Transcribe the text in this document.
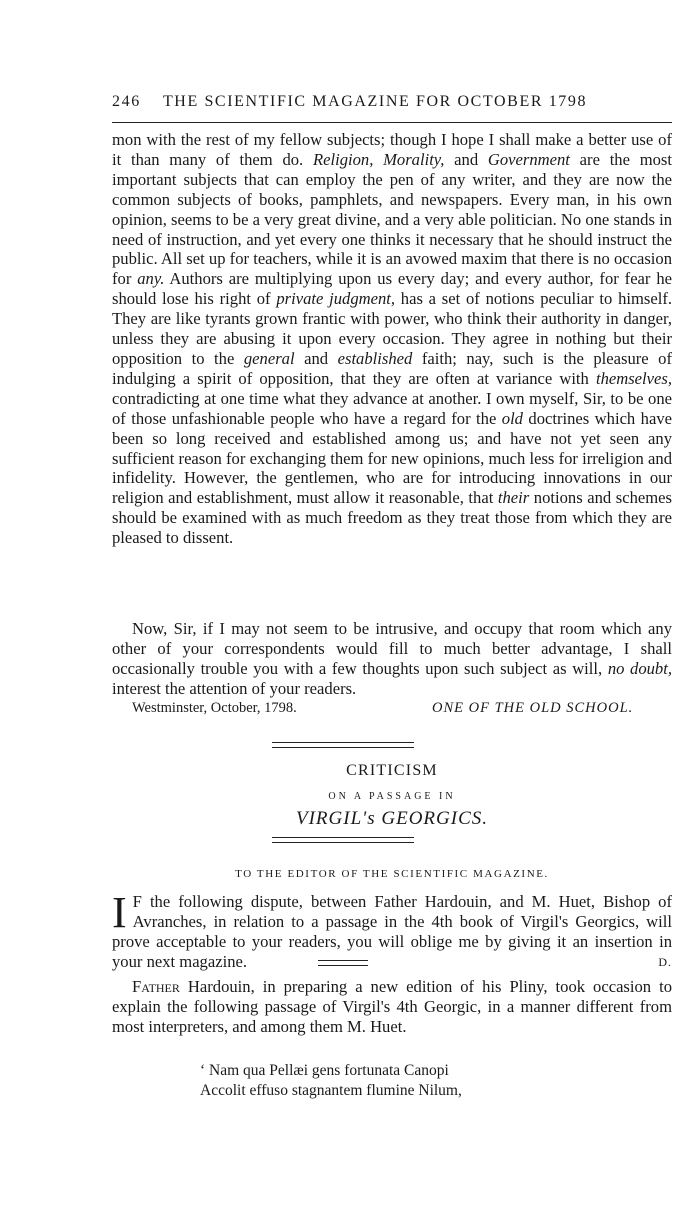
246 THE SCIENTIFIC MAGAZINE FOR OCTOBER 1798

mon with the rest of my fellow subjects; though I hope I shall make a better use of it than many of them do. Religion, Morality, and Government are the most important subjects that can employ the pen of any writer, and they are now the common subjects of books, pamphlets, and newspapers. Every man, in his own opinion, seems to be a very great divine, and a very able politician. No one stands in need of instruction, and yet every one thinks it necessary that he should instruct the public. All set up for teachers, while it is an avowed maxim that there is no occasion for any. Authors are multiplying upon us every day; and every author, for fear he should lose his right of private judgment, has a set of notions peculiar to himself. They are like tyrants grown frantic with power, who think their authority in danger, unless they are abusing it upon every occasion. They agree in nothing but their opposition to the general and established faith; nay, such is the pleasure of indulging a spirit of opposition, that they are often at variance with themselves, contradicting at one time what they advance at another. I own myself, Sir, to be one of those unfashionable people who have a regard for the old doctrines which have been so long received and established among us; and have not yet seen any sufficient reason for exchanging them for new opinions, much less for irreligion and infidelity. However, the gentlemen, who are for introducing innovations in our religion and establishment, must allow it reasonable, that their notions and schemes should be examined with as much freedom as they treat those from which they are pleased to dissent.

Now, Sir, if I may not seem to be intrusive, and occupy that room which any other of your correspondents would fill to much better advantage, I shall occasionally trouble you with a few thoughts upon such subject as will, no doubt, interest the attention of your readers.

Westminster, October, 1798.	ONE OF THE OLD SCHOOL.
CRITICISM
ON A PASSAGE IN
VIRGIL's GEORGICS.
TO THE EDITOR OF THE SCIENTIFIC MAGAZINE.

I F the following dispute, between Father Hardouin, and M. Huet, Bishop of Avranches, in relation to a passage in the 4th book of Virgil's Georgics, will prove acceptable to your readers, you will oblige me by giving it an insertion in your next magazine.	D.

Father Hardouin, in preparing a new edition of his Pliny, took occasion to explain the following passage of Virgil's 4th Georgic, in a manner different from most interpreters, and among them M. Huet.

‘ Nam qua Pellæi gens fortunata Canopi
Accolit effuso stagnantem flumine Nilum,
